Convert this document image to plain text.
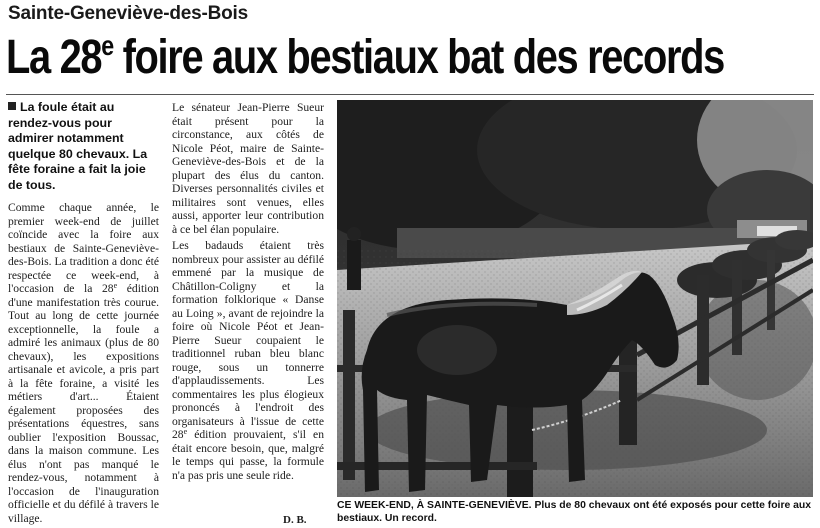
Sainte-Geneviève-des-Bois
La 28e foire aux bestiaux bat des records

La foule était au rendez-vous pour admirer notamment quelque 80 chevaux. La fête foraine a fait la joie de tous.

Comme chaque année, le premier week-end de juillet coïncide avec la foire aux bestiaux de Sainte-Geneviève-des-Bois. La tradition a donc été respectée ce week-end, à l'occasion de la 28e édition d'une manifestation très courue. Tout au long de cette journée exceptionnelle, la foule a admiré les animaux (plus de 80 chevaux), les expositions artisanale et avicole, a pris part à la fête foraine, a visité les métiers d'art... Étaient également proposées des présentations équestres, sans oublier l'exposition Boussac, dans la maison commune. Les élus n'ont pas manqué le rendez-vous, notamment à l'occasion de l'inauguration officielle et du défilé à travers le village.

Le sénateur Jean-Pierre Sueur était présent pour la circonstance, aux côtés de Nicole Péot, maire de Sainte-Geneviève-des-Bois et de la plupart des élus du canton. Diverses personnalités civiles et militaires sont venues, elles aussi, apporter leur contribution à ce bel élan populaire.

Les badauds étaient très nombreux pour assister au défilé emmené par la musique de Châtillon-Coligny et la formation folklorique « Danse au Loing », avant de rejoindre la foire où Nicole Péot et Jean-Pierre Sueur coupaient le traditionnel ruban bleu blanc rouge, sous un tonnerre d'applaudissements. Les commentaires les plus élogieux prononcés à l'endroit des organisateurs à l'issue de cette 28e édition prouvaient, s'il en était encore besoin, que, malgré le temps qui passe, la formule n'a pas pris une seule ride.

D. B.

CE WEEK-END, À SAINTE-GENEVIÈVE. Plus de 80 chevaux ont été exposés pour cette foire aux bestiaux. Un record.
